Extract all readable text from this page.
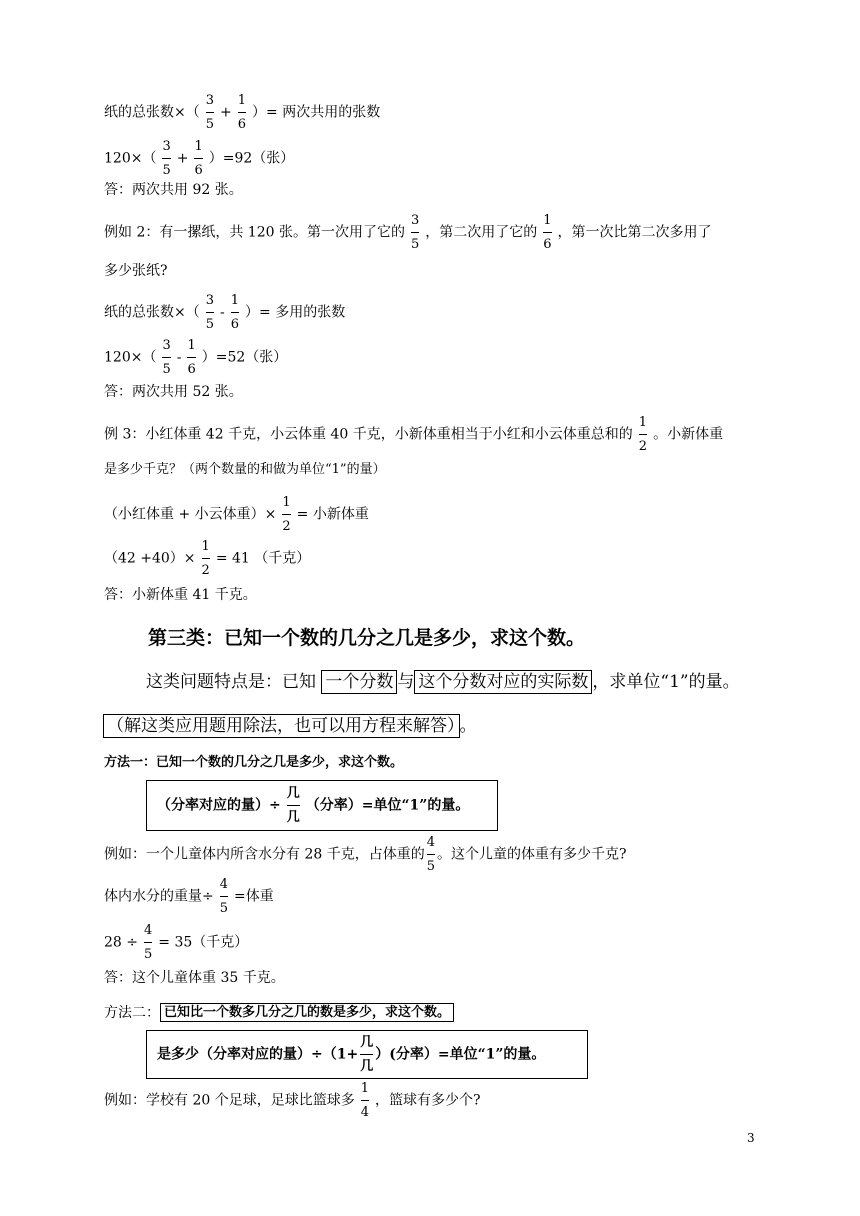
纸的总张数×（ $\frac{3}{5} + \frac{1}{6}$ ）= 两次共用的张数
$120\times( \frac{3}{5} + \frac{1}{6} )=92$（张）
答：两次共用 92 张。
例如 2：有一摞纸，共 120 张。第一次用了它的 $\frac{3}{5}$ ，第二次用了它的 $\frac{1}{6}$ ，第一次比第二次多用了
多少张纸?
纸的总张数×（ $\frac{3}{5} - \frac{1}{6}$ ）= 多用的张数
$120\times( \frac{3}{5} - \frac{1}{6} )=52$（张）
答：两次共用 52 张。
例 3：小红体重 42 千克，小云体重 40 千克，小新体重相当于小红和小云体重总和的 $\frac{1}{2}$ 。小新体重
是多少千克？（两个数量的和做为单位“1”的量）
（小红体重 + 小云体重）× $\frac{1}{2}$ = 小新体重
$(42 +40)\times \frac{1}{2} = 41$ （千克）
答：小新体重 41 千克。
第三类：已知一个数的几分之几是多少，求这个数。
这类问题特点是：已知 一个分数 与 这个分数对应的实际数 ，求单位“1”的量。
（解这类应用题用除法，也可以用方程来解答） 。
方法一：已知一个数的几分之几是多少，求这个数。
（分率对应的量）÷ $\frac{\text{几}}{\text{几}}$ （分率）=单位“1”的量。
例如：一个儿童体内所含水分有 28 千克，占体重的 $\frac{4}{5}$ 。这个儿童的体重有多少千克?
体内水分的重量÷ $\frac{4}{5}$ =体重
$28 \div \frac{4}{5} = 35$（千克）
答：这个儿童体重 35 千克。
方法二： 已知比一个数多几分之几的数是多少，求这个数。
是多少（分率对应的量）$\div(1+ \frac{\text{几}}{\text{几}}$ ）(分率）=单位“1”的量。
例如：学校有 20 个足球，足球比篮球多 $\frac{1}{4}$ ，篮球有多少个?
3
